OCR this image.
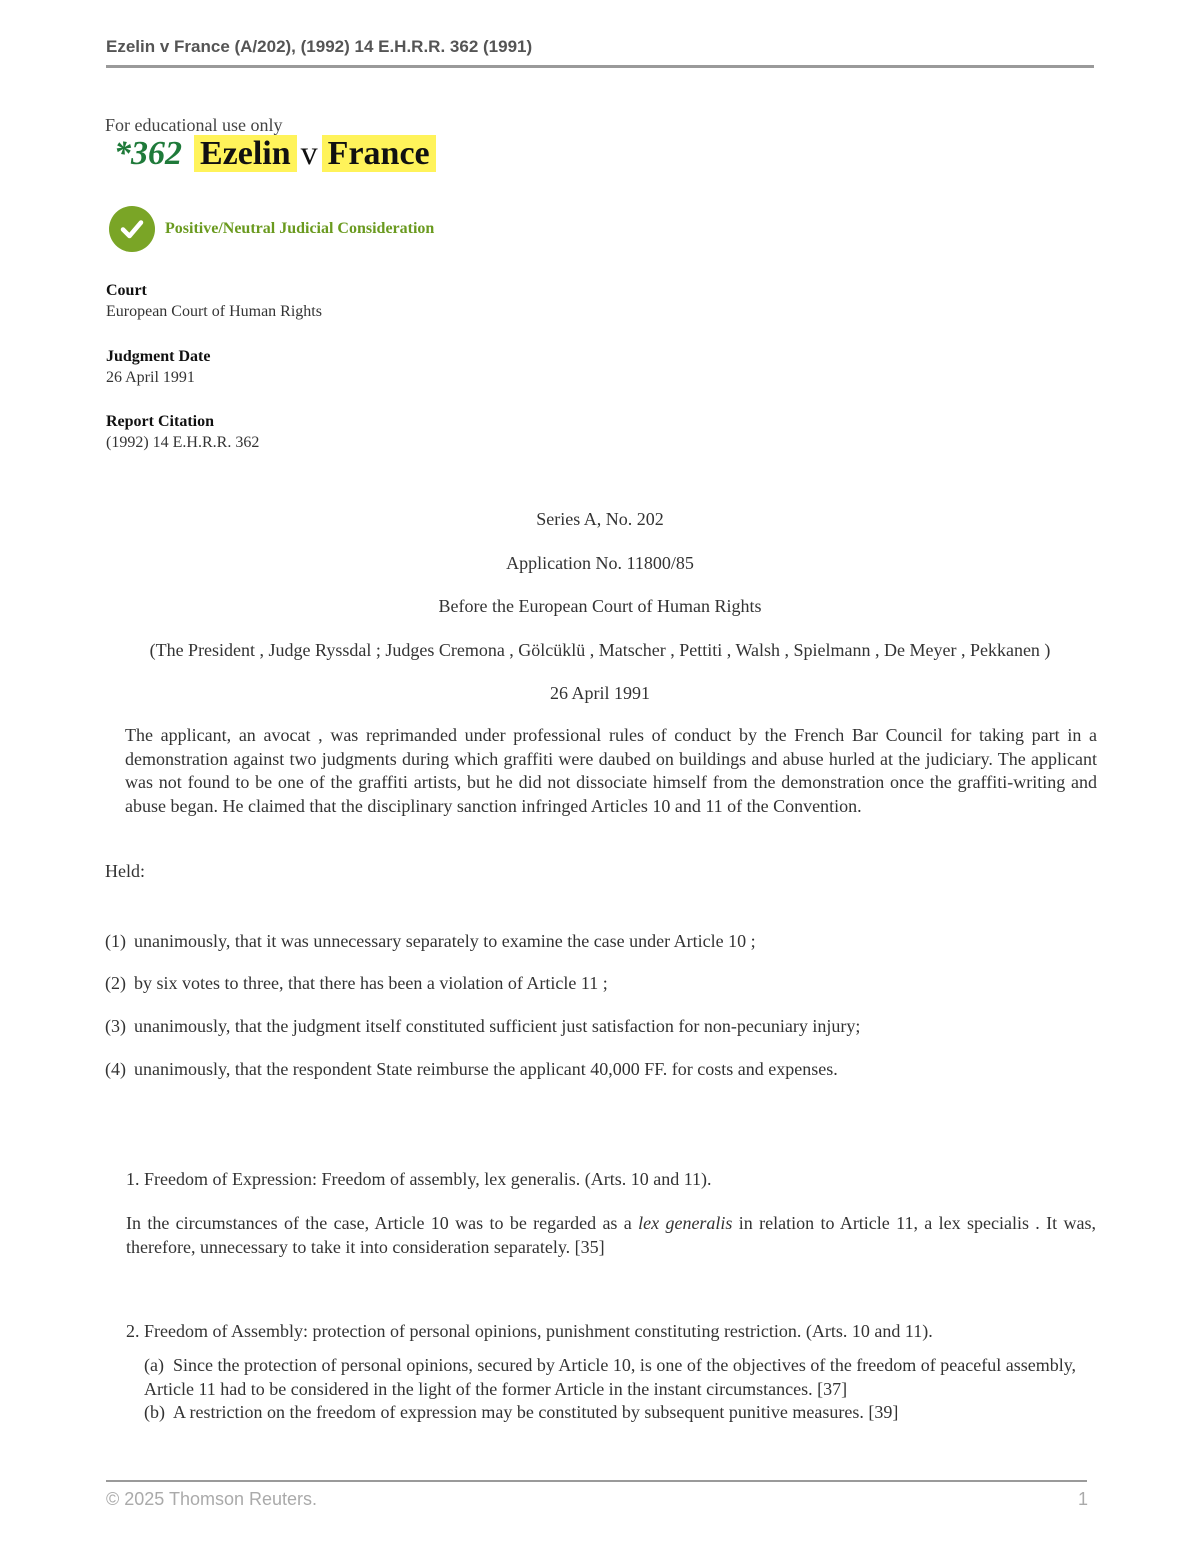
Ezelin v France (A/202), (1992) 14 E.H.R.R. 362 (1991)
For educational use only
*362 Ezelin v France
Positive/Neutral Judicial Consideration
Court
European Court of Human Rights
Judgment Date
26 April 1991
Report Citation
(1992) 14 E.H.R.R. 362
Series A, No. 202
Application No. 11800/85
Before the European Court of Human Rights
(The President , Judge Ryssdal ; Judges Cremona , Gölcüklü , Matscher , Pettiti , Walsh , Spielmann , De Meyer , Pekkanen )
26 April 1991
The applicant, an avocat , was reprimanded under professional rules of conduct by the French Bar Council for taking part in a demonstration against two judgments during which graffiti were daubed on buildings and abuse hurled at the judiciary. The applicant was not found to be one of the graffiti artists, but he did not dissociate himself from the demonstration once the graffiti-writing and abuse began. He claimed that the disciplinary sanction infringed Articles 10 and 11 of the Convention.
Held:
(1) unanimously, that it was unnecessary separately to examine the case under Article 10 ;
(2) by six votes to three, that there has been a violation of Article 11 ;
(3) unanimously, that the judgment itself constituted sufficient just satisfaction for non-pecuniary injury;
(4) unanimously, that the respondent State reimburse the applicant 40,000 FF. for costs and expenses.
1. Freedom of Expression: Freedom of assembly, lex generalis. (Arts. 10 and 11).
In the circumstances of the case, Article 10 was to be regarded as a lex generalis in relation to Article 11, a lex specialis . It was, therefore, unnecessary to take it into consideration separately. [35]
2. Freedom of Assembly: protection of personal opinions, punishment constituting restriction. (Arts. 10 and 11).
(a) Since the protection of personal opinions, secured by Article 10, is one of the objectives of the freedom of peaceful assembly, Article 11 had to be considered in the light of the former Article in the instant circumstances. [37]
(b) A restriction on the freedom of expression may be constituted by subsequent punitive measures. [39]
© 2025 Thomson Reuters.	1
